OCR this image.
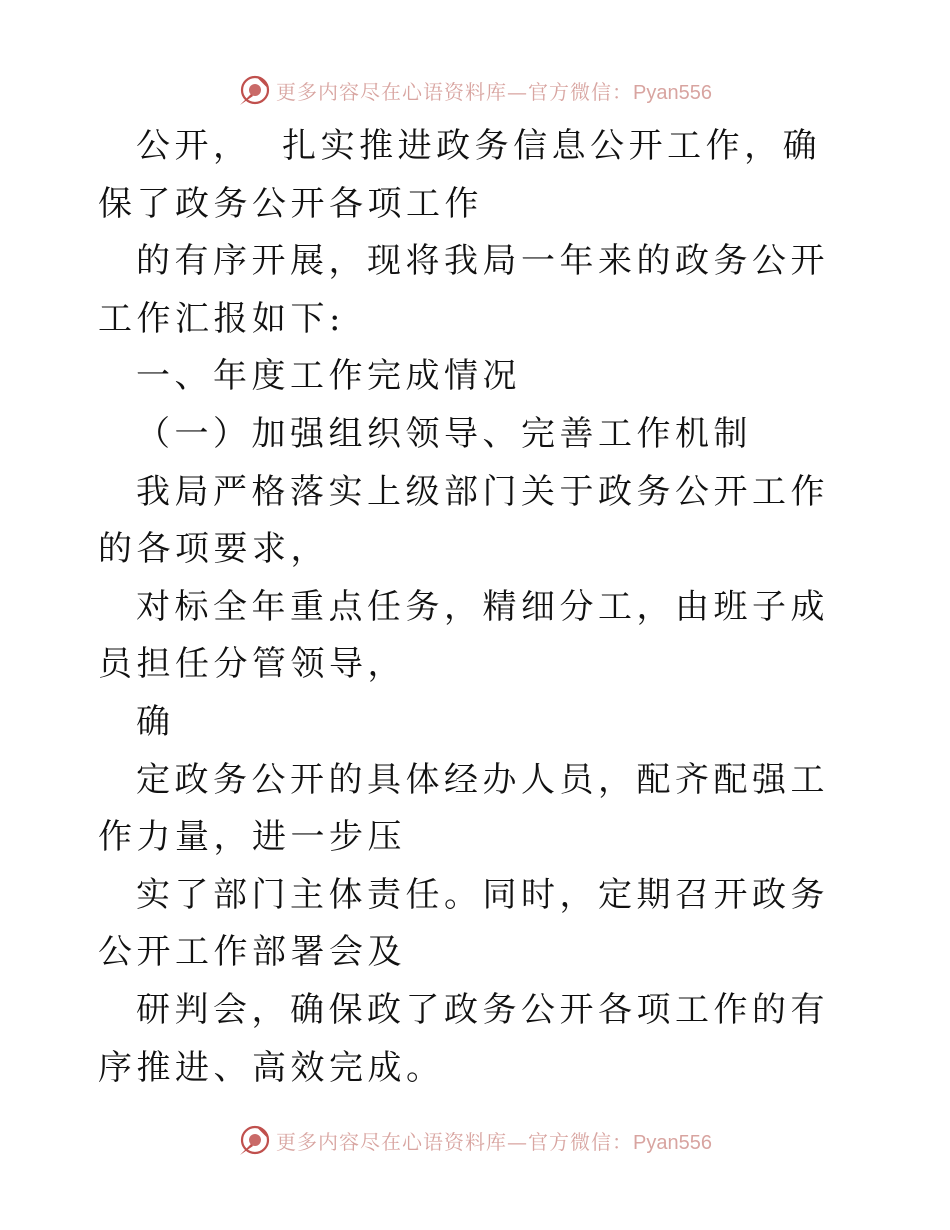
更多内容尽在心语资料库—官方微信：Pyan556

公开，  扎实推进政务信息公开工作，确保了政务公开各项工作

的有序开展，现将我局一年来的政务公开工作汇报如下:

一、年度工作完成情况

（一）加强组织领导、完善工作机制

我局严格落实上级部门关于政务公开工作的各项要求，

对标全年重点任务，精细分工，由班子成员担任分管领导，

确

定政务公开的具体经办人员，配齐配强工作力量，进一步压

实了部门主体责任。同时，定期召开政务公开工作部署会及

研判会，确保政了政务公开各项工作的有序推进、高效完成。

更多内容尽在心语资料库—官方微信：Pyan556
